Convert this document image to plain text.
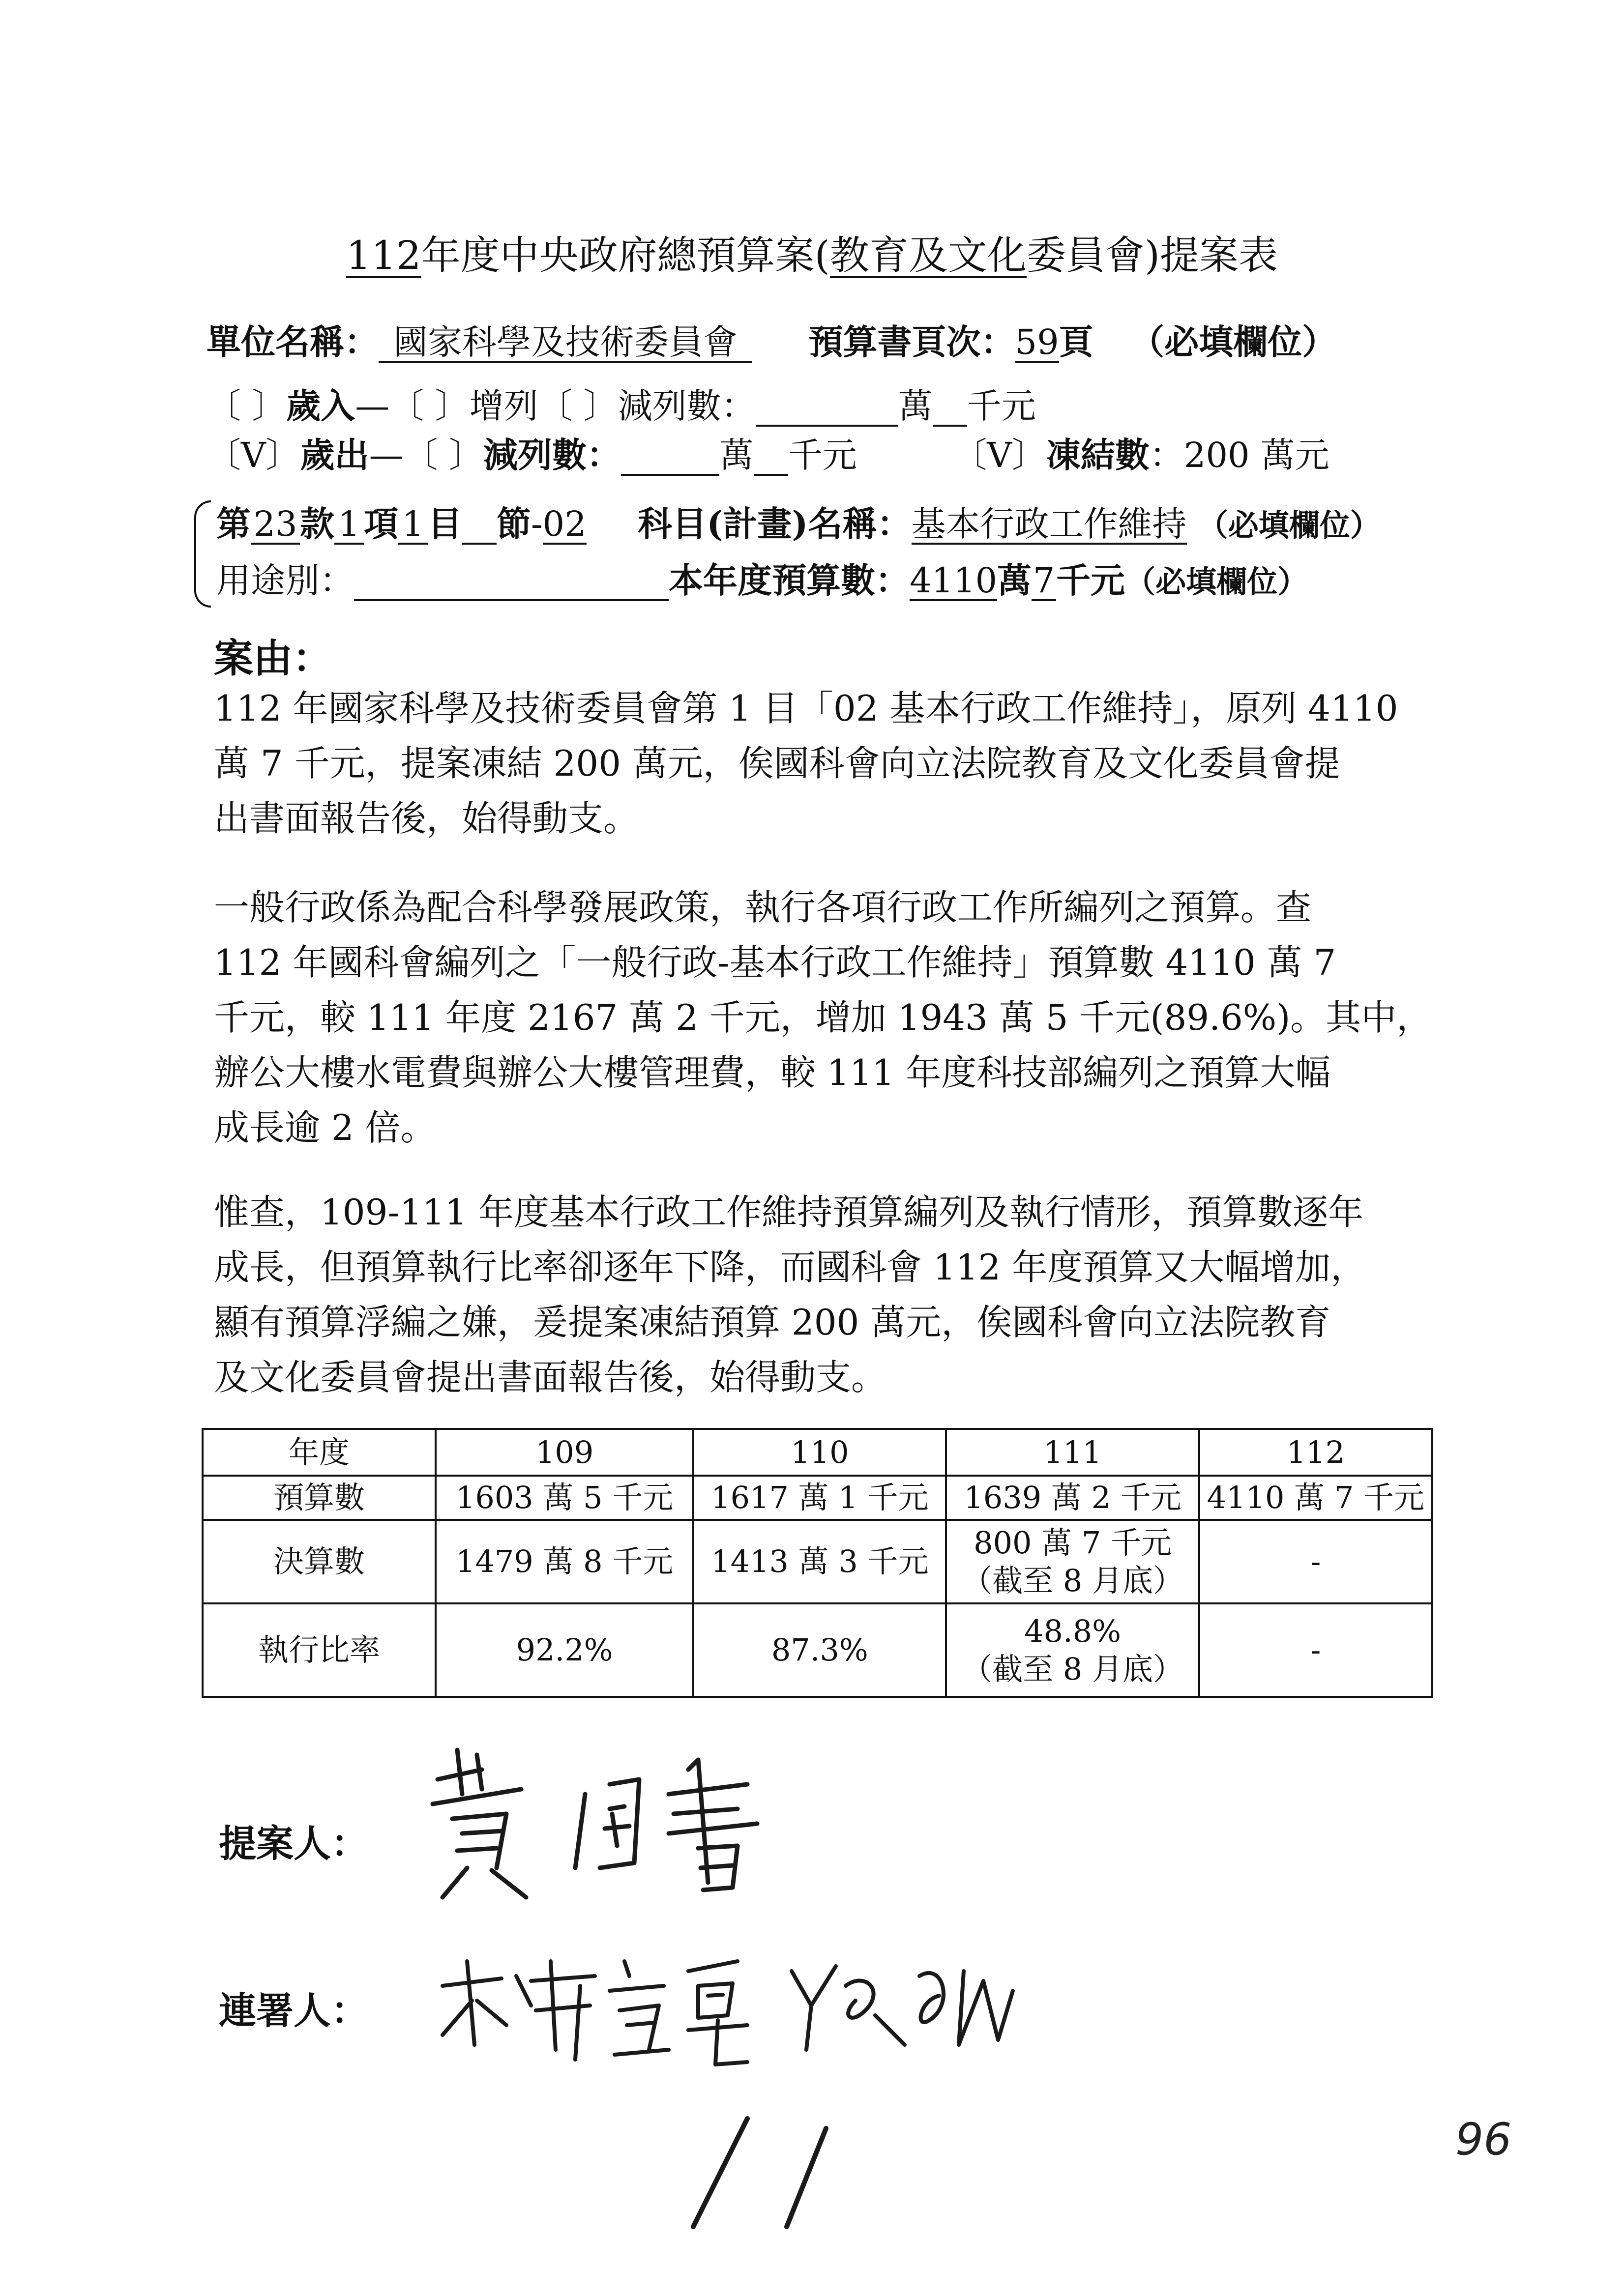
112年度中央政府總預算案(教育及文化委員會)提案表
單位名稱： 國家科學及技術委員會 預算書頁次：59頁 （必填欄位）
〔 〕歲入—〔 〕增列〔 〕減列數：	萬 千元
〔V〕歲出—〔 〕減列數：	萬 千元	〔V〕凍結數：200 萬元
第23款 1 項 1 目 節-02 科目(計畫)名稱：基本行政工作維持 （必填欄位）
用途別：	本年度預算數：4110萬7千元（必填欄位）
案由：
112 年國家科學及技術委員會第 1 目「02 基本行政工作維持」，原列 4110
萬 7 千元，提案凍結 200 萬元，俟國科會向立法院教育及文化委員會提
出書面報告後，始得動支。
一般行政係為配合科學發展政策，執行各項行政工作所編列之預算。查
112 年國科會編列之「一般行政-基本行政工作維持」預算數 4110 萬 7
千元，較 111 年度 2167 萬 2 千元，增加 1943 萬 5 千元(89.6%)。其中，
辦公大樓水電費與辦公大樓管理費，較 111 年度科技部編列之預算大幅
成長逾 2 倍。
惟查，109-111 年度基本行政工作維持預算編列及執行情形，預算數逐年
成長，但預算執行比率卻逐年下降，而國科會 112 年度預算又大幅增加，
顯有預算浮編之嫌，爰提案凍結預算 200 萬元，俟國科會向立法院教育
及文化委員會提出書面報告後，始得動支。
年度	109	110	111	112
預算數	1603 萬 5 千元	1617 萬 1 千元	1639 萬 2 千元	4110 萬 7 千元
決算數	1479 萬 8 千元	1413 萬 3 千元	800 萬 7 千元
（截至 8 月底）	-
執行比率	92.2%	87.3%	48.8%
（截至 8 月底）	-
提案人：
連署人：
96
